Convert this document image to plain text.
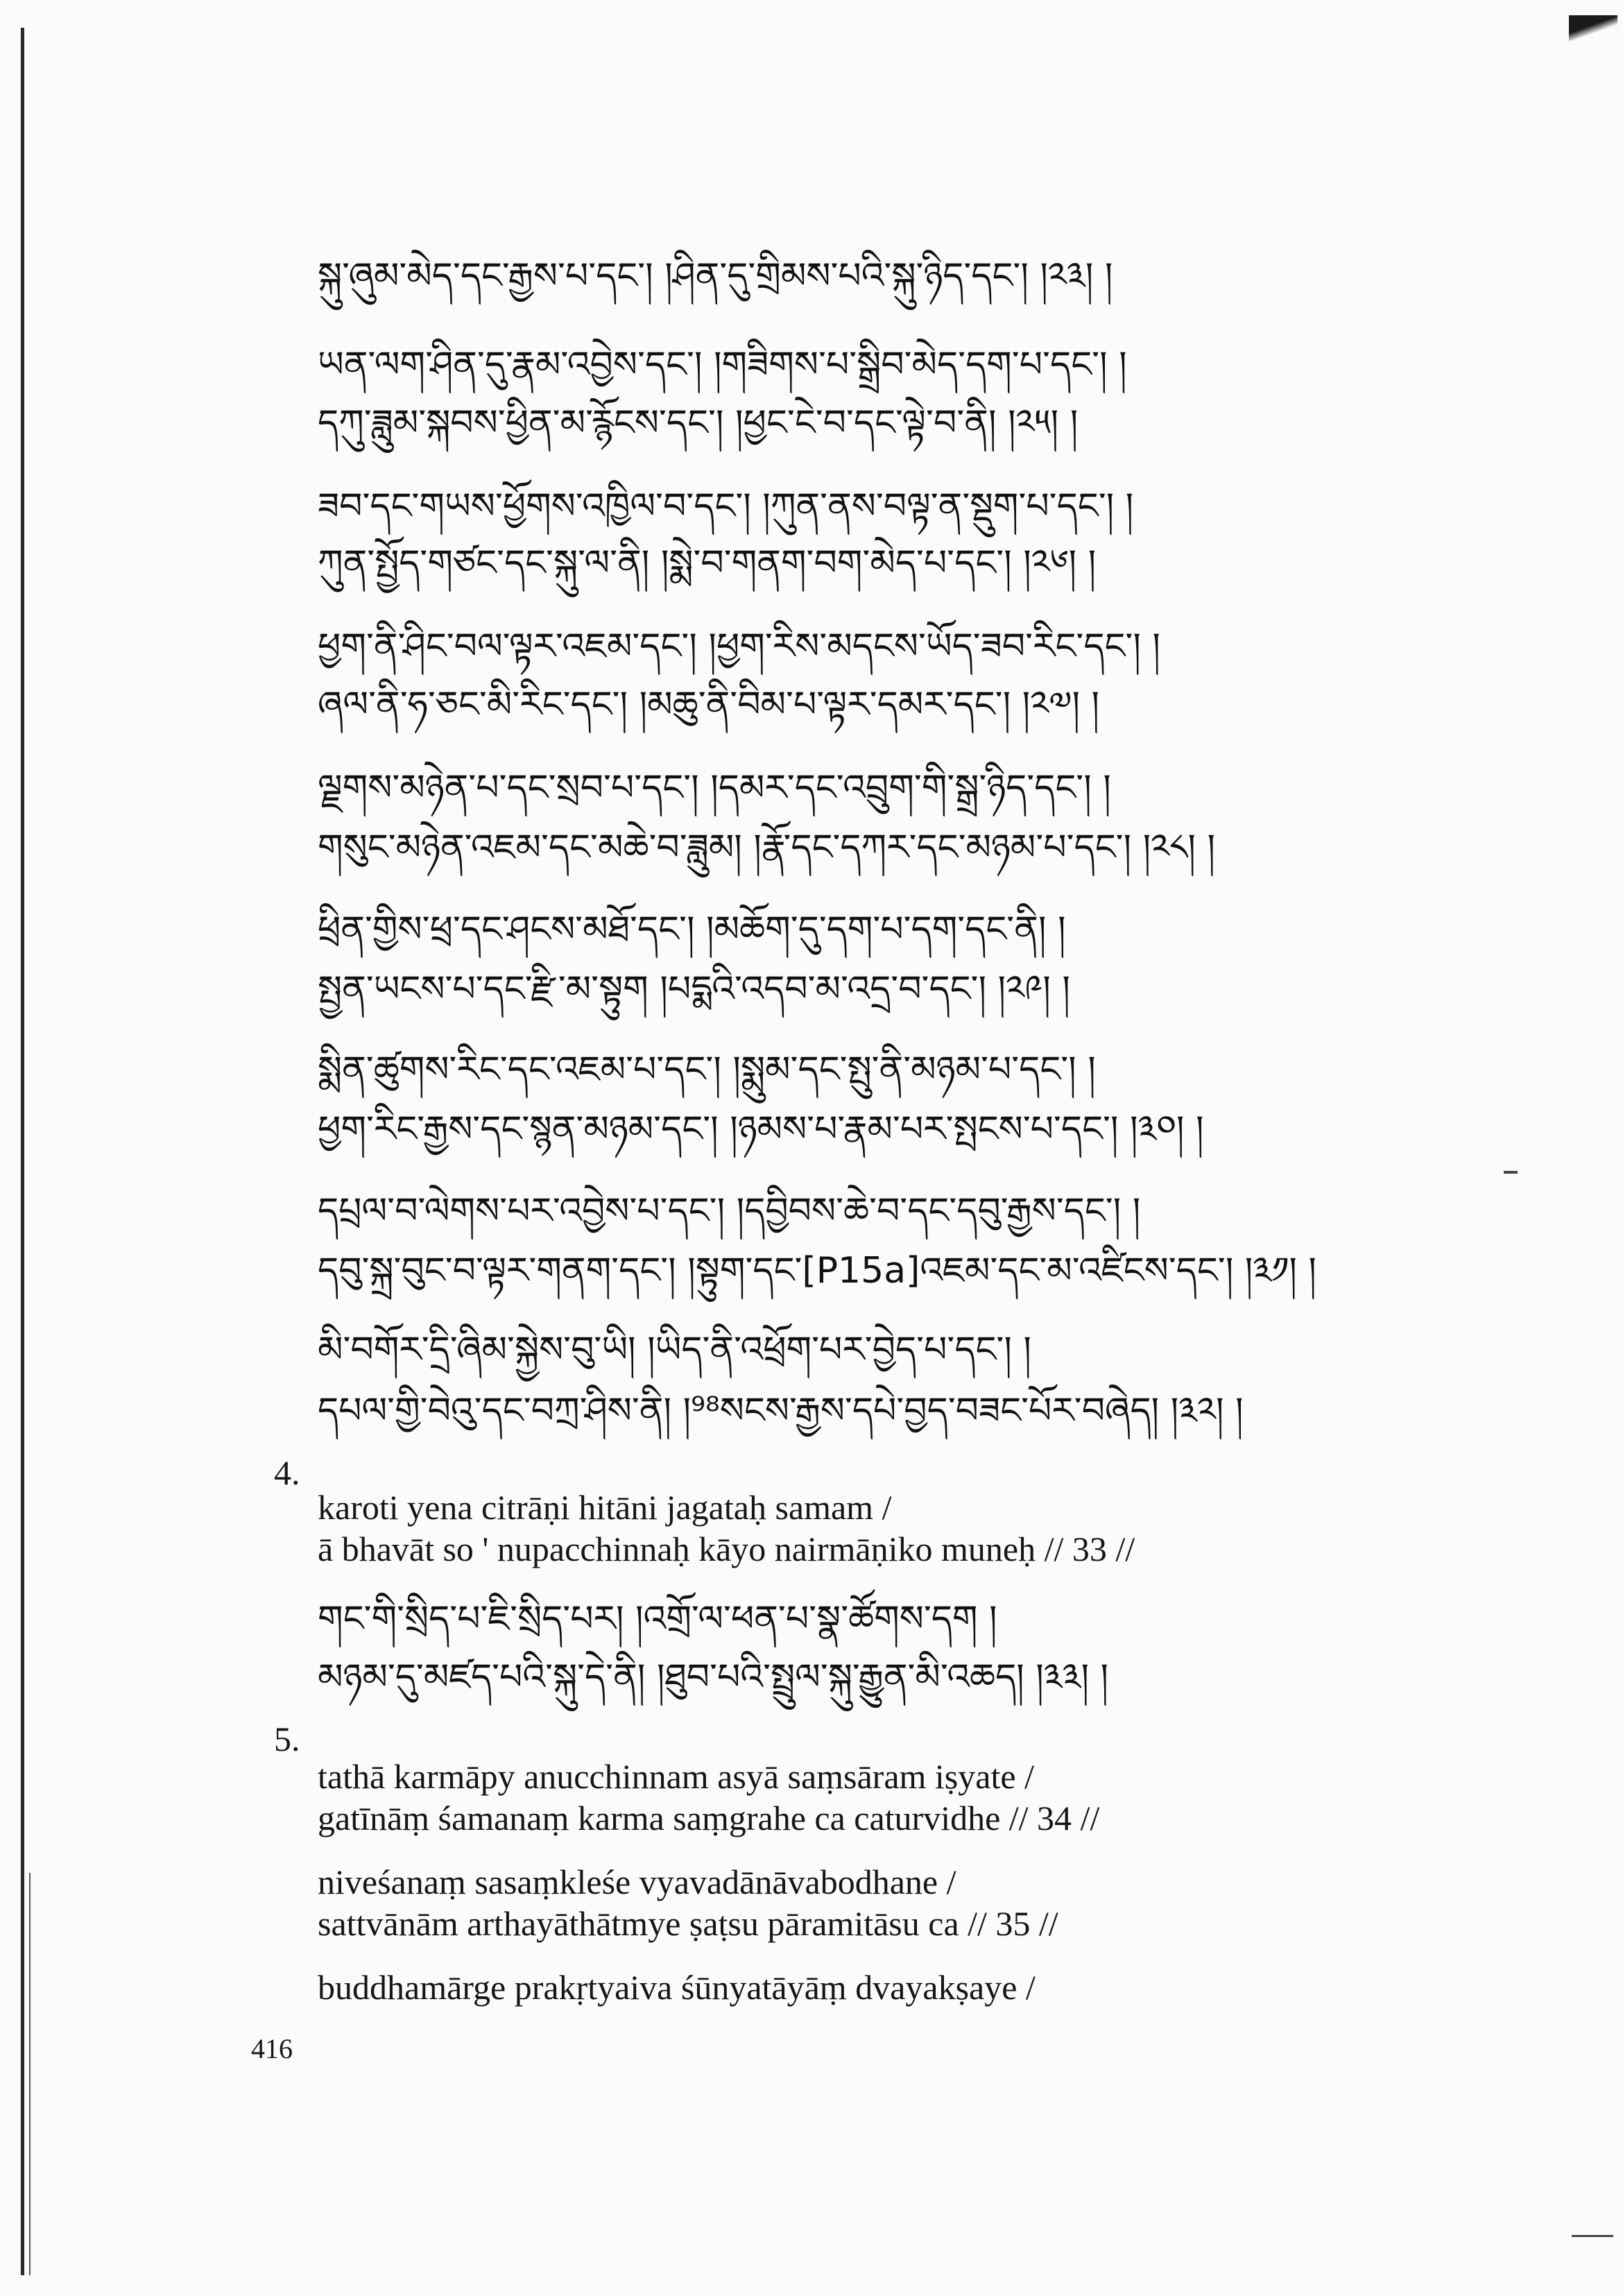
སྐུ་ཞུམ་མེད་དང་རྒྱས་པ་དང་། །ཤིན་དུ་གྲིམས་པའི་སྐུ་ཉིད་དང་། །༢༣། །
ཡན་ལག་ཤིན་དུ་རྣམ་འབྱེས་དང་། །གཟིགས་པ་སྒྲིབ་མེད་དག་པ་དང་། །
དཀུ་ཟླུམ་སྐབས་ཕྱིན་མ་རྙོངས་དང་། །ཕྱང་ངེ་བ་དང་ལྟེ་བ་ནི། །༢༥། །
ཟབ་དང་གཡས་ཕྱོགས་འཁྱིལ་བ་དང་། །ཀུན་ནས་བལྟ་ན་སྡུག་པ་དང་། །
ཀུན་སྤྱོད་གཙང་དང་སྐུ་ལ་ནི། །སྨེ་བ་གནག་བག་མེད་པ་དང་། །༢༦། །
ཕྱག་ནི་ཤིང་བལ་ལྟར་འཇམ་དང་། །ཕྱག་རིས་མདངས་ཡོད་ཟབ་རིང་དང་། །
ཞལ་ནི་ཧ་ཅང་མི་རིང་དང་། །མཆུ་ནི་བིམ་པ་ལྟར་དམར་དང་། །༢༧། །
ལྗགས་མཉེན་པ་དང་སྲབ་པ་དང་། །དམར་དང་འབྲུག་གི་སྒྲ་ཉིད་དང་། །
གསུང་མཉེན་འཇམ་དང་མཆེ་བ་ཟླུམ། །རྣོ་དང་དཀར་དང་མཉམ་པ་དང་། །༢༨། །
ཕྲིན་གྱིས་ཕྲ་དང་ཤངས་མཐོ་དང་། །མཆོག་དུ་དག་པ་དག་དང་ནི། །
སྤྱན་ཡངས་པ་དང་རྫི་མ་སྟུག །པདྨའི་འདབ་མ་འདྲ་བ་དང་། །༢༩། །
སྨིན་ཚུགས་རིང་དང་འཇམ་པ་དང་། །སྨུམ་དང་སྤུ་ནི་མཉམ་པ་དང་། །
ཕྱག་རིང་རྒྱས་དང་སྙན་མཉམ་དང་། །ཉམས་པ་རྣམ་པར་སྤངས་པ་དང་། །༣༠། །
དཔྲལ་བ་ལེགས་པར་འབྱེས་པ་དང་། །དབྱིབས་ཆེ་བ་དང་དབུ་རྒྱས་དང་། །
དབུ་སྐྲ་བུང་བ་ལྟར་གནག་དང་། །སྟུག་དང་[P15a]འཇམ་དང་མ་འཛིངས་དང་། །༣༡། །
མི་བགོར་དྲི་ཞིམ་སྐྱེས་བུ་ཡི། །ཡིད་ནི་འཕྲོག་པར་བྱེད་པ་དང་། །
དཔལ་གྱི་བེའུ་དང་བཀྲ་ཤིས་ནི། །⁹⁸སངས་རྒྱས་དཔེ་བྱད་བཟང་པོར་བཞེད། །༣༢། །
4.
karoti yena citrāṇi hitāni jagataḥ samam /
ā bhavāt so ' nupacchinnaḥ kāyo nairmāṇiko muneḥ // 33 //
གང་གི་སྲིད་པ་ཇི་སྲིད་པར། །འགྲོ་ལ་ཕན་པ་སྣ་ཚོགས་དག །
མཉམ་དུ་མཛད་པའི་སྐུ་དེ་ནི། །ཐུབ་པའི་སྤྲུལ་སྐུ་རྒྱུན་མི་འཆད། །༣༣། །
5.
tathā karmāpy anucchinnam asyā saṃsāram iṣyate /
gatīnāṃ śamanaṃ karma saṃgrahe ca caturvidhe // 34 //
niveśanaṃ sasaṃkleśe vyavadānāvabodhane /
sattvānām arthayāthātmye ṣaṭsu pāramitāsu ca // 35 //
buddhamārge prakṛtyaiva śūnyatāyāṃ dvayakṣaye /
416
